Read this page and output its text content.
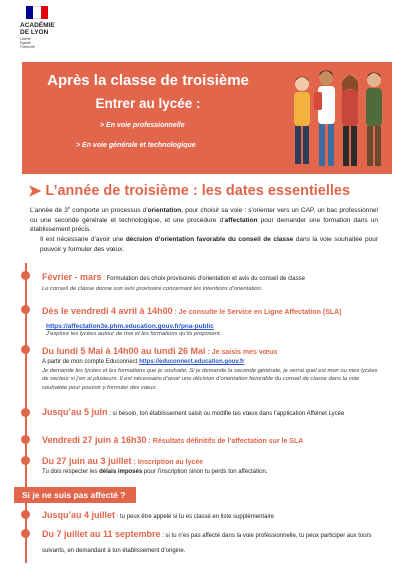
ACADÉMIE
DE LYON
Liberté
Égalité
Fraternité
Après la classe de troisième
Entrer au lycée :
> En voie professionnelle
> En voie générale et technologique
➤ L’année de troisième : les dates essentielles

L’année de 3e comporte un processus d’orientation, pour choisir sa voie : s’orienter vers un CAP, un bac professionnel ou une seconde générale et technologique, et une procédure d’affectation pour demander une formation dans un établissement précis.

Il est nécessaire d’avoir une décision d’orientation favorable du conseil de classe dans la voie souhaitée pour pouvoir y formuler des vœux.

Février - mars : Formulation des choix provisoires d’orientation et avis du conseil de classe
Le conseil de classe donne son avis provisoire concernant tes intentions d’orientation.
Dès le vendredi 4 avril à 14h00 : Je consulte le Service en Ligne Affectation (SLA)
https://affectation3e.phm.education.gouv.fr/pna-public
J’explore les lycées autour de moi et les formations qu’ils proposent.
Du lundi 5 Mai à 14h00 au lundi 26 Mai : Je saisis mes vœux
A partir de mon compte Educonnect https://educonnect.education.gouv.fr
Je demande les lycées et les formations que je souhaite. Si je demande la seconde générale, je verrai quel est mon ou mes lycées de secteur si j’en ai plusieurs. Il est nécessaire d’avoir une décision d’orientation favorable du conseil de classe dans la voie souhaitée pour pouvoir y formuler des vœux.
Jusqu’au 5 juin : si besoin, ton établissement saisit ou modifie tes vœux dans l’application Affelnet Lycée
Vendredi 27 juin à 16h30 : Résultats définitifs de l’affectation sur le SLA
Du 27 juin au 3 juillet : Inscription au lycée
Tu dois respecter les délais imposés pour l’inscription sinon tu perds ton affectation.
Si je ne suis pas affecté ?
Jusqu’au 4 juillet : tu peux être appelé si tu es classé en liste supplémentaire
Du 7 juillet au 11 septembre : si tu n’es pas affecté dans la voie professionnelle, tu peux participer aux tours suivants, en demandant à ton établissement d’origine.
